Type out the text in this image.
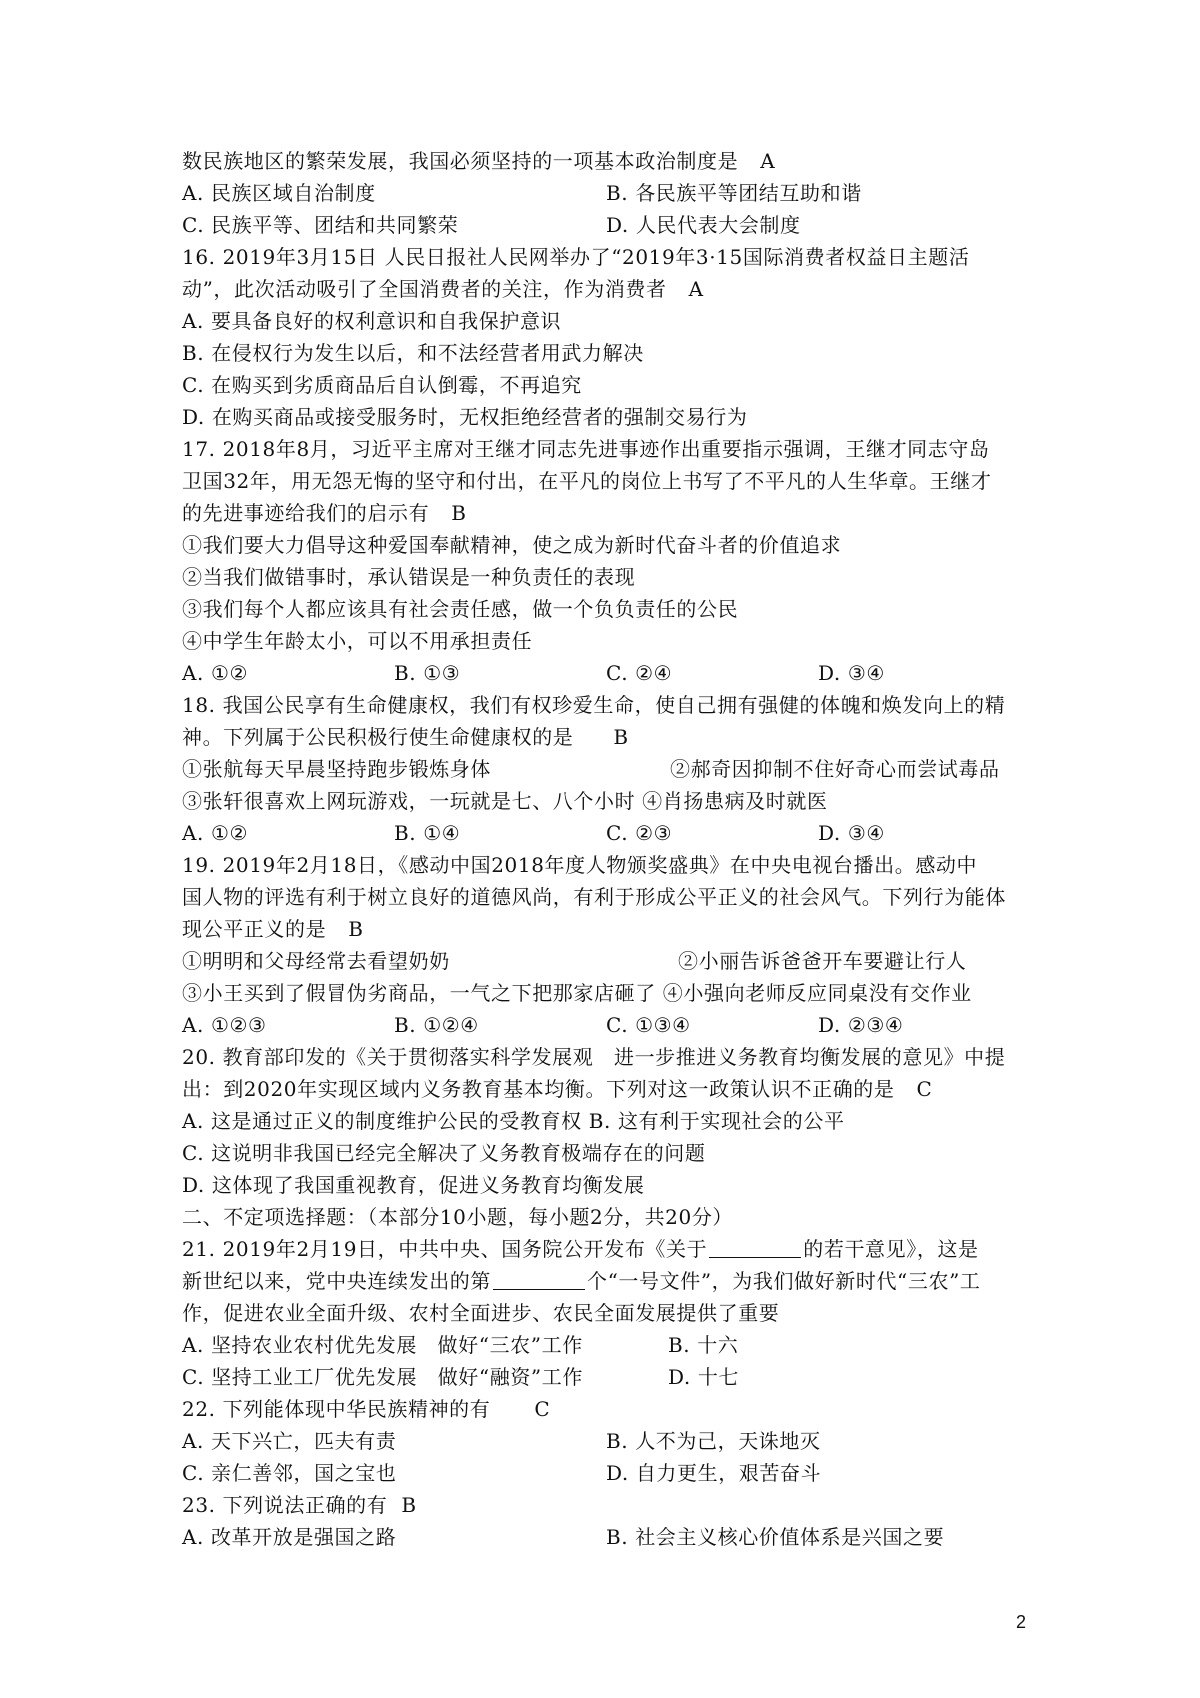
数民族地区的繁荣发展，我国必须坚持的一项基本政治制度是 A
A. 民族区域自治制度	B. 各民族平等团结互助和谐
C. 民族平等、团结和共同繁荣	D. 人民代表大会制度
16. 2019年3月15日 人民日报社人民网举办了“2019年3·15国际消费者权益日主题活
动”，此次活动吸引了全国消费者的关注，作为消费者 A
A. 要具备良好的权利意识和自我保护意识
B. 在侵权行为发生以后，和不法经营者用武力解决
C. 在购买到劣质商品后自认倒霉，不再追究
D. 在购买商品或接受服务时，无权拒绝经营者的强制交易行为
17. 2018年8月，习近平主席对王继才同志先进事迹作出重要指示强调，王继才同志守岛
卫国32年，用无怨无悔的坚守和付出，在平凡的岗位上书写了不平凡的人生华章。王继才
的先进事迹给我们的启示有 B
①我们要大力倡导这种爱国奉献精神，使之成为新时代奋斗者的价值追求
②当我们做错事时，承认错误是一种负责任的表现
③我们每个人都应该具有社会责任感，做一个负负责任的公民
④中学生年龄太小，可以不用承担责任
A. ①②	B. ①③	C. ②④	D. ③④
18. 我国公民享有生命健康权，我们有权珍爱生命，使自己拥有强健的体魄和焕发向上的精
神。下列属于公民积极行使生命健康权的是 B
①张航每天早晨坚持跑步锻炼身体	②郝奇因抑制不住好奇心而尝试毒品
③张轩很喜欢上网玩游戏，一玩就是七、八个小时 ④肖扬患病及时就医
A. ①②	B. ①④	C. ②③	D. ③④
19. 2019年2月18日，《感动中国2018年度人物颁奖盛典》在中央电视台播出。感动中
国人物的评选有利于树立良好的道德风尚，有利于形成公平正义的社会风气。下列行为能体
现公平正义的是 B
①明明和父母经常去看望奶奶	②小丽告诉爸爸开车要避让行人
③小王买到了假冒伪劣商品，一气之下把那家店砸了 ④小强向老师反应同桌没有交作业
A. ①②③	B. ①②④	C. ①③④	D. ②③④
20. 教育部印发的《关于贯彻落实科学发展观　进一步推进义务教育均衡发展的意见》中提
出：到2020年实现区域内义务教育基本均衡。下列对这一政策认识不正确的是 C
A. 这是通过正义的制度维护公民的受教育权 B. 这有利于实现社会的公平
C. 这说明非我国已经完全解决了义务教育极端存在的问题
D. 这体现了我国重视教育，促进义务教育均衡发展
二、不定项选择题：（本部分10小题，每小题2分，共20分）
21. 2019年2月19日，中共中央、国务院公开发布《关于	的若干意见》，这是
新世纪以来，党中央连续发出的第	个“一号文件”，为我们做好新时代“三农”工
作，促进农业全面升级、农村全面进步、农民全面发展提供了重要
A. 坚持农业农村优先发展　做好“三农”工作	B. 十六
C. 坚持工业工厂优先发展　做好“融资”工作	D. 十七
22. 下列能体现中华民族精神的有 C
A. 天下兴亡，匹夫有责	B. 人不为己，天诛地灭
C. 亲仁善邻，国之宝也	D. 自力更生，艰苦奋斗
23. 下列说法正确的有 B
A. 改革开放是强国之路	B. 社会主义核心价值体系是兴国之要
2
